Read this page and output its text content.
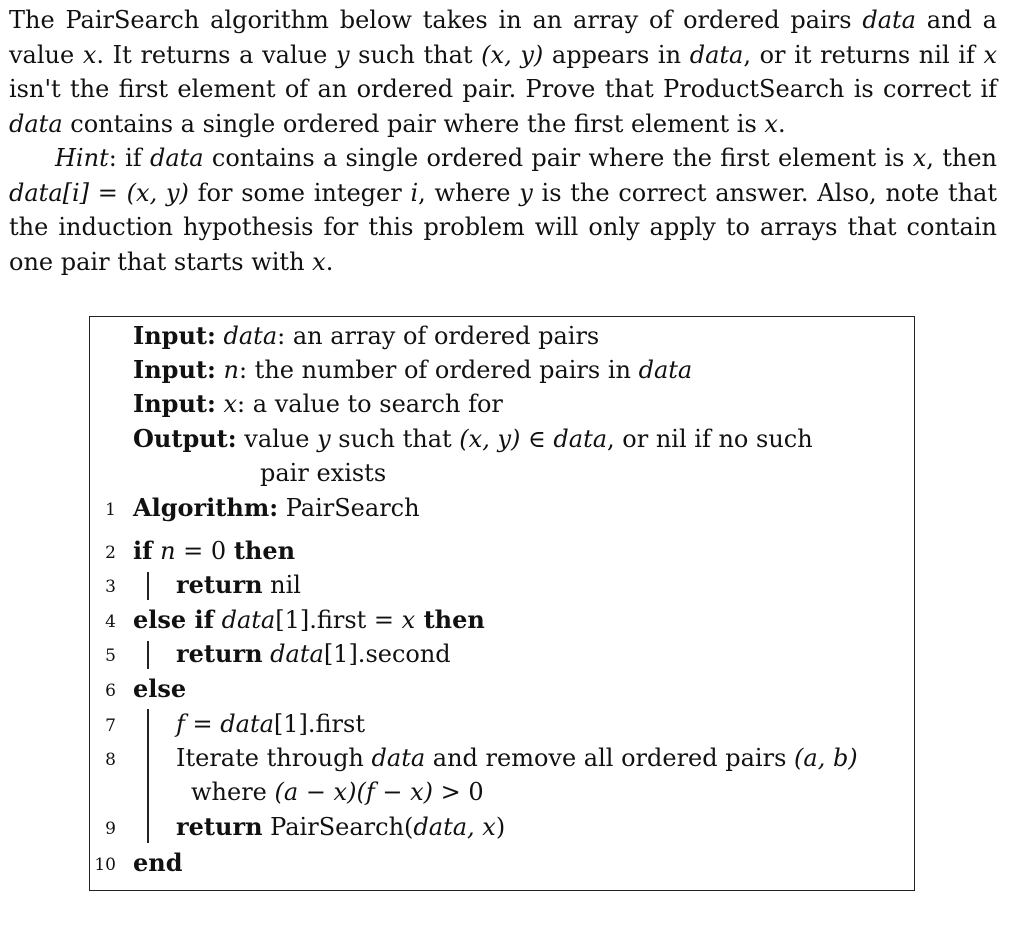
The PairSearch algorithm below takes in an array of ordered pairs data and a value x. It returns a value y such that (x, y) appears in data, or it returns nil if x isn't the first element of an ordered pair. Prove that ProductSearch is correct if data contains a single ordered pair where the first element is x.

Hint: if data contains a single ordered pair where the first element is x, then data[i] = (x, y) for some integer i, where y is the correct answer. Also, note that the induction hypothesis for this problem will only apply to arrays that contain one pair that starts with x.

Input: data: an array of ordered pairs
Input: n: the number of ordered pairs in data
Input: x: a value to search for
Output: value y such that (x, y) ∈ data, or nil if no such
pair exists
1 Algorithm: PairSearch
2 if n = 0 then
3	return nil
4 else if data[1].first = x then
5	return data[1].second
6 else
7	f = data[1].first
8	Iterate through data and remove all ordered pairs (a, b)
where (a − x)(f − x) > 0
9	return PairSearch(data, x)
10 end
